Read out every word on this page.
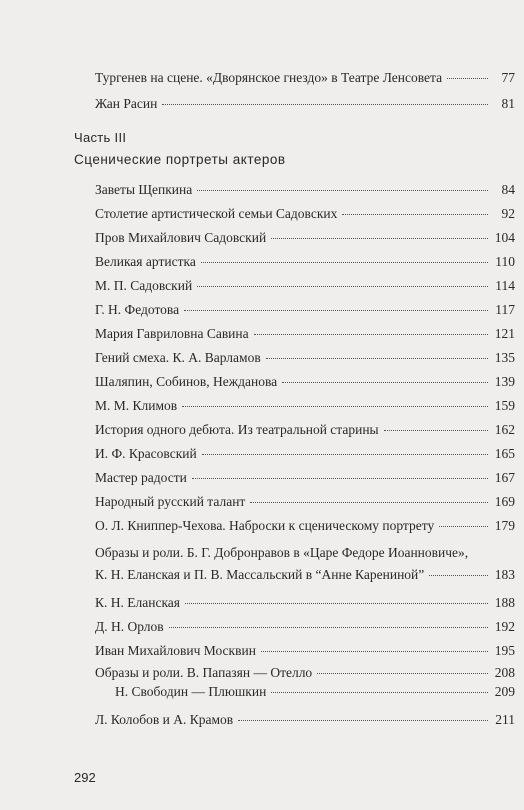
Тургенев на сцене. «Дворянское гнездо» в Театре Ленсовета	77
Жан Расин	81
Часть III
Сценические портреты актеров
Заветы Щепкина	84
Столетие артистической семьи Садовских	92
Пров Михайлович Садовский	104
Великая артистка	110
М. П. Садовский	114
Г. Н. Федотова	117
Мария Гавриловна Савина	121
Гений смеха. К. А. Варламов	135
Шаляпин, Собинов, Нежданова	139
М. М. Климов	159
История одного дебюта. Из театральной старины	162
И. Ф. Красовский	165
Мастер радости	167
Народный русский талант	169
О. Л. Книппер-Чехова. Наброски к сценическому портрету	179
Образы и роли. Б. Г. Добронравов в «Царе Федоре Иоанновиче»,
К. Н. Еланская и П. В. Массальский в “Анне Карениной”	183
К. Н. Еланская	188
Д. Н. Орлов	192
Иван Михайлович Москвин	195
Образы и роли. В. Папазян — Отелло	208
Н. Свободин — Плюшкин	209
Л. Колобов и А. Крамов	211
292
